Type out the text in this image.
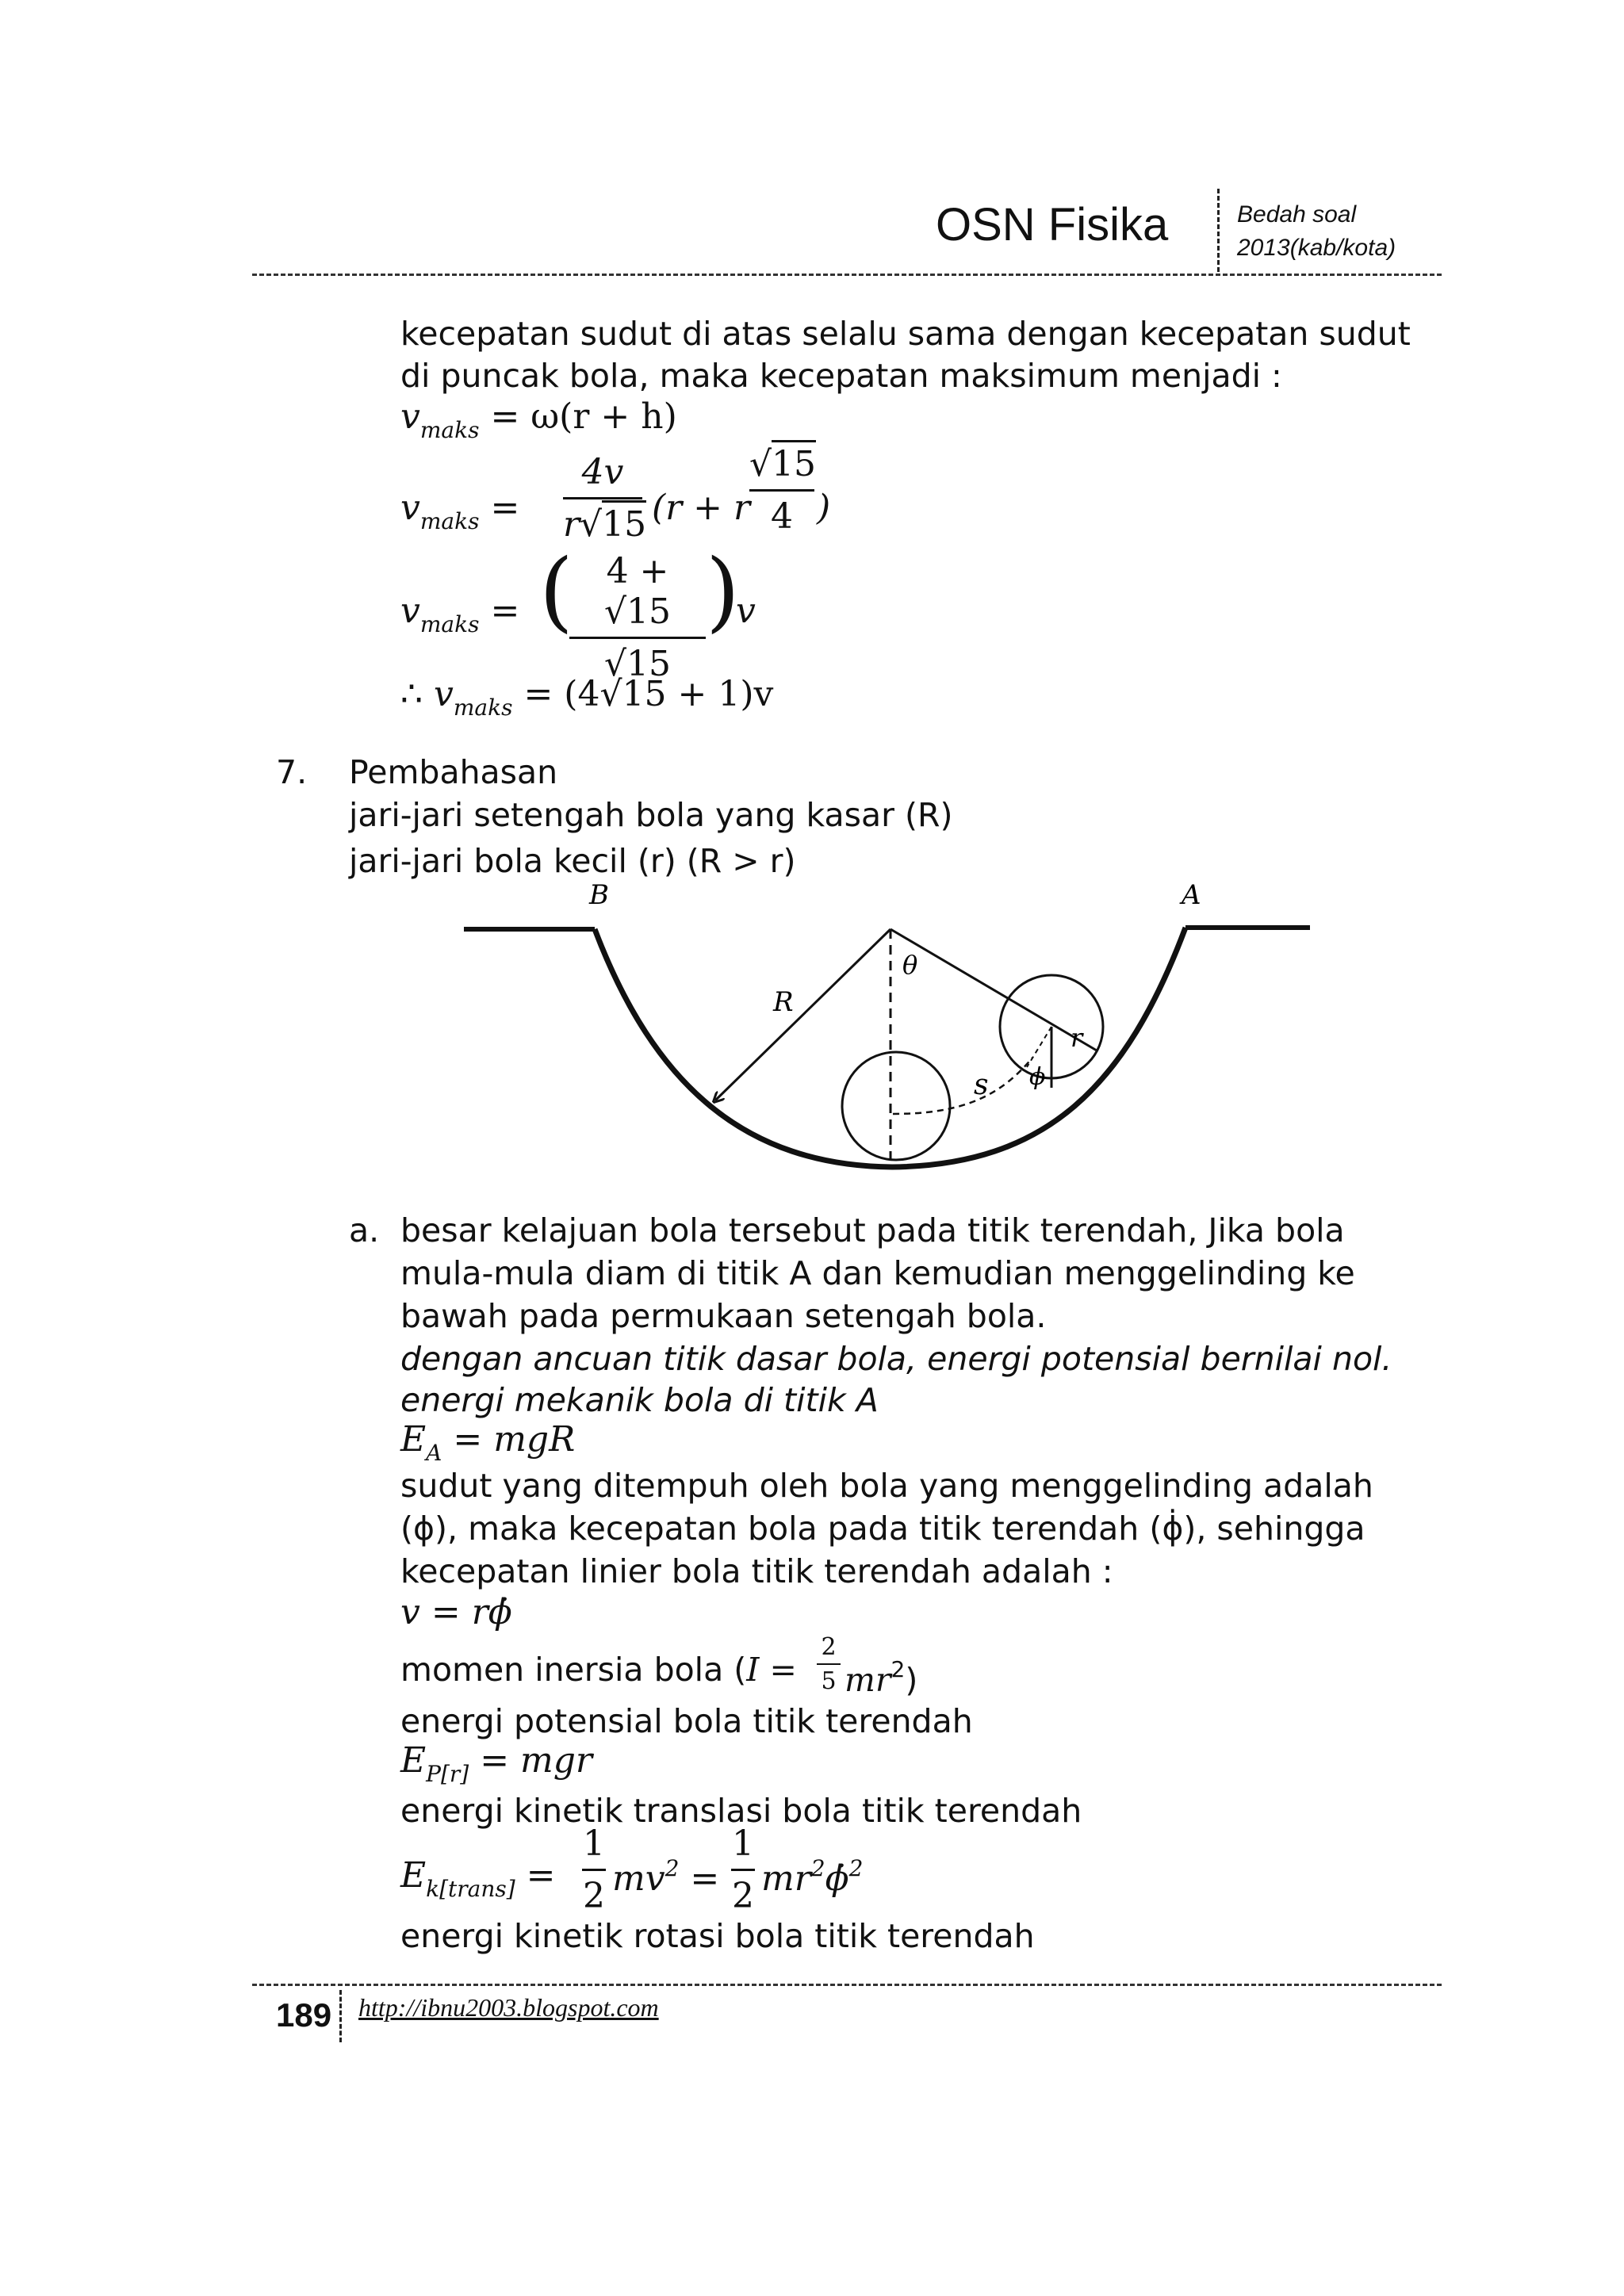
OSN Fisika	Bedah soal
2013(kab/kota)
kecepatan sudut di atas selalu sama dengan kecepatan sudut
di puncak bola, maka kecepatan maksimum menjadi :
$v_{maks} = \omega(r + h)$
$v_{maks}$ =
4v
r√15 (r + r
√15
4 )
$v_{maks}$ = ( 4 + √15
√15
)
v
∴ $v_{maks} = (4√15 + 1)v$
7. Pembahasan
jari-jari setengah bola yang kasar (R)
jari-jari bola kecil (r) (R > r)
B	A
θ
R
r
s ϕ
a. besar kelajuan bola tersebut pada titik terendah, Jika bola
mula-mula diam di titik A dan kemudian menggelinding ke
bawah pada permukaan setengah bola.
dengan ancuan titik dasar bola, energi potensial bernilai nol.
energi mekanik bola di titik A
$E_A$ = mgR
sudut yang ditempuh oleh bola yang menggelinding adalah
(ϕ), maka kecepatan bola pada titik terendah (ϕ̇), sehingga
kecepatan linier bola titik terendah adalah :
v = rϕ̇
momen inersia bola (I =
2
5 $mr^2$)
energi potensial bola titik terendah
$E_{P[r]}$ = mgr
energi kinetik translasi bola titik terendah
$E_{k[trans]}$ =
1
2 $mv^2$ =
1
2 $mr^2\phi̇^2$
energi kinetik rotasi bola titik terendah
189 http://ibnu2003.blogspot.com
